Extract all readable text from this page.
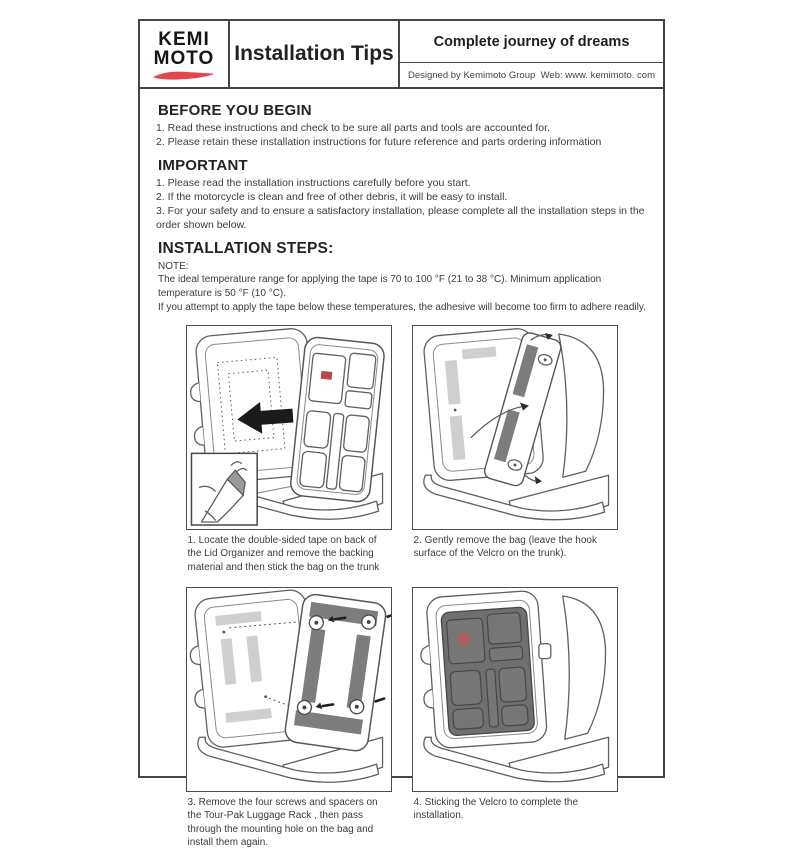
KEMI
MOTO Installation Tips
Complete journey of dreams
Designed by Kemimoto Group Web: www. kemimoto. com
BEFORE YOU BEGIN
1. Read these instructions and check to be sure all parts and tools are accounted for.
2. Please retain these installation instructions for future reference and parts ordering information
IMPORTANT
1. Please read the installation instructions carefully before you start.
2. If the motorcycle is clean and free of other debris, it will be easy to install.
3. For your safety and to ensure a satisfactory installation, please complete all the installation steps in the order shown below.
INSTALLATION STEPS:
NOTE:
The ideal temperature range for applying the tape is 70 to 100 °F (21 to 38 °C). Minimum application temperature is 50 °F (10 °C).
If you attempt to apply the tape below these temperatures, the adhesive will become too firm to adhere readily.
1. Locate the double-sided tape on back of the Lid Organizer and remove the backing material and then stick the bag on the trunk
2. Gently remove the bag (leave the hook surface of the Velcro on the trunk).
3. Remove the four screws and spacers on the Tour-Pak Luggage Rack , then pass through the mounting hole on the bag and install them again.
4. Sticking the Velcro to complete the installation.
